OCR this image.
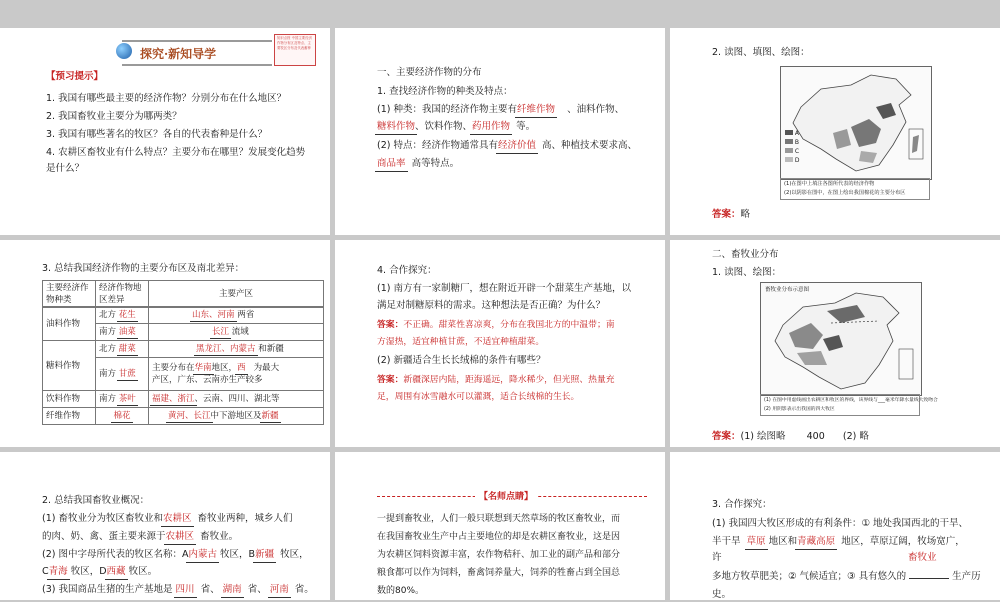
探究·新知导学
知识点拨 中国主要经济作物分布区及特点、主要牧区分布及代表畜种
【预习提示】
1. 我国有哪些最主要的经济作物？分别分布在什么地区？
2. 我国畜牧业主要分为哪两类？
3. 我国有哪些著名的牧区？各自的代表畜种是什么？
4. 农耕区畜牧业有什么特点？主要分布在哪里？发展变化趋势
是什么？
一、主要经济作物的分布
1. 查找经济作物的种类及特点：
(1) 种类：我国的经济作物主要有纤维作物 、油料作物、
糖料作物、饮料作物、药用作物 等。
(2) 特点：经济作物通常具有经济价值 高、种植技术要求高、
商品率 高等特点。
2. 读图、填图、绘图：
A
B
C
D
(1)在图中上填注各图所代表的经济作物
(2)以阴影在图中，在图上绘出我国棉花的主要分布区
答案：略
3. 总结我国经济作物的主要分布区及南北差异：
主要经济作物种类	经济作物地区差异	主要产区
油料作物	北方 花生	山东、河南 两省
	南方 油菜	长江 流域
糖料作物	北方 甜菜	黑龙江、内蒙古 和新疆
	南方 甘蔗	主要分布在华南地区，西 为最大
产区，广东、云南亦生产较多

饮料作物	南方 茶叶	福建、浙江、云南、四川、湖北等
纤维作物	棉花	黄河、长江中下游地区及新疆
4. 合作探究：
(1) 南方有一家制糖厂，想在附近开辟一个甜菜生产基地，以
满足对制糖原料的需求。这种想法是否正确？为什么？
答案：不正确。甜菜性喜凉爽，分布在我国北方的中温带；南
方湿热，适宜种植甘蔗，不适宜种植甜菜。
(2) 新疆适合生长长绒棉的条件有哪些？
答案：新疆深居内陆，距海遥远，降水稀少，但光照、热量充
足，周围有冰雪融水可以灌溉，适合长绒棉的生长。
二、畜牧业分布
1. 读图、绘图：
畜牧业分布示意图
(1) 在图中用虚线画出农耕区和牧区的界线，该界线与___毫米年降水量线大致吻合
(2) 用阴影表示出我国的四大牧区
答案：(1) 绘图略 400 (2) 略
2. 总结我国畜牧业概况：
(1) 畜牧业分为牧区畜牧业和农耕区 畜牧业两种，城乡人们
的肉、奶、禽、蛋主要来源于农耕区 畜牧业。
(2) 图中字母所代表的牧区名称：A内蒙古 牧区，B新疆 牧区，
C青海 牧区，D西藏 牧区。
(3) 我国商品生猪的生产基地是 四川 省、 湖南 省、 河南 省。
【名师点睛】
一提到畜牧业，人们一般只联想到天然草场的牧区畜牧业，而
在我国畜牧业生产中占主要地位的却是农耕区畜牧业，这是因
为农耕区饲料资源丰富，农作物秸秆、加工业的副产品和部分
粮食都可以作为饲料，畜禽饲养量大，饲养的牲畜占到全国总
数的80%。
3. 合作探究：
(1) 我国四大牧区形成的有利条件：① 地处我国西北的干旱、
半干旱 草原 地区和青藏高原 地区，草原辽阔，牧场宽广，
许	畜牧业
多地方牧草肥美；② 气候适宜；③ 具有悠久的	生产历
史。
